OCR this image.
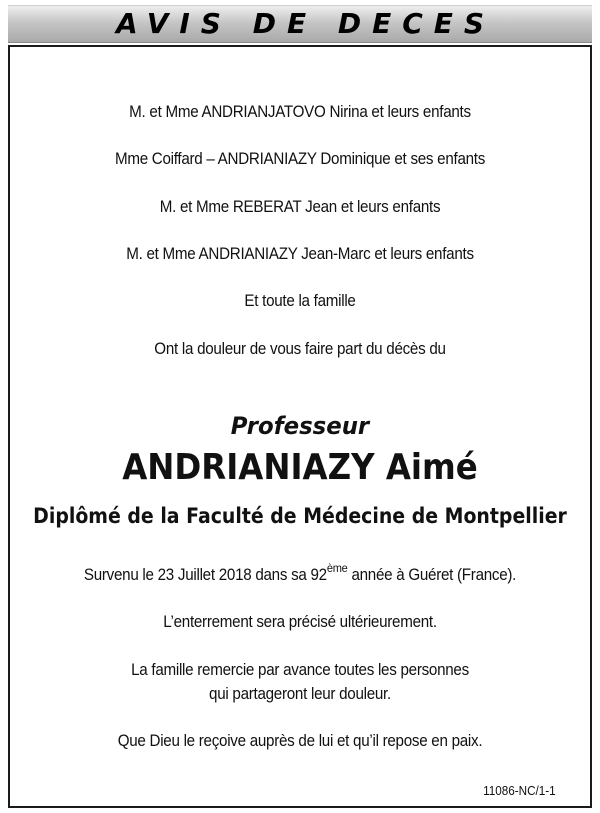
AVIS DE DECES
M. et Mme ANDRIANJATOVO Nirina et leurs enfants
Mme Coiffard – ANDRIANIAZY Dominique et ses enfants
M. et Mme REBERAT Jean et leurs enfants
M. et Mme ANDRIANIAZY Jean-Marc et leurs enfants
Et toute la famille
Ont la douleur de vous faire part du décès du
Professeur
ANDRIANIAZY Aimé
Diplômé de la Faculté de Médecine de Montpellier
Survenu le 23 Juillet 2018 dans sa 92ème année à Guéret (France).
L’enterrement sera précisé ultérieurement.
La famille remercie par avance toutes les personnes
qui partageront leur douleur.
Que Dieu le reçoive auprès de lui et qu’il repose en paix.
11086-NC/1-1
